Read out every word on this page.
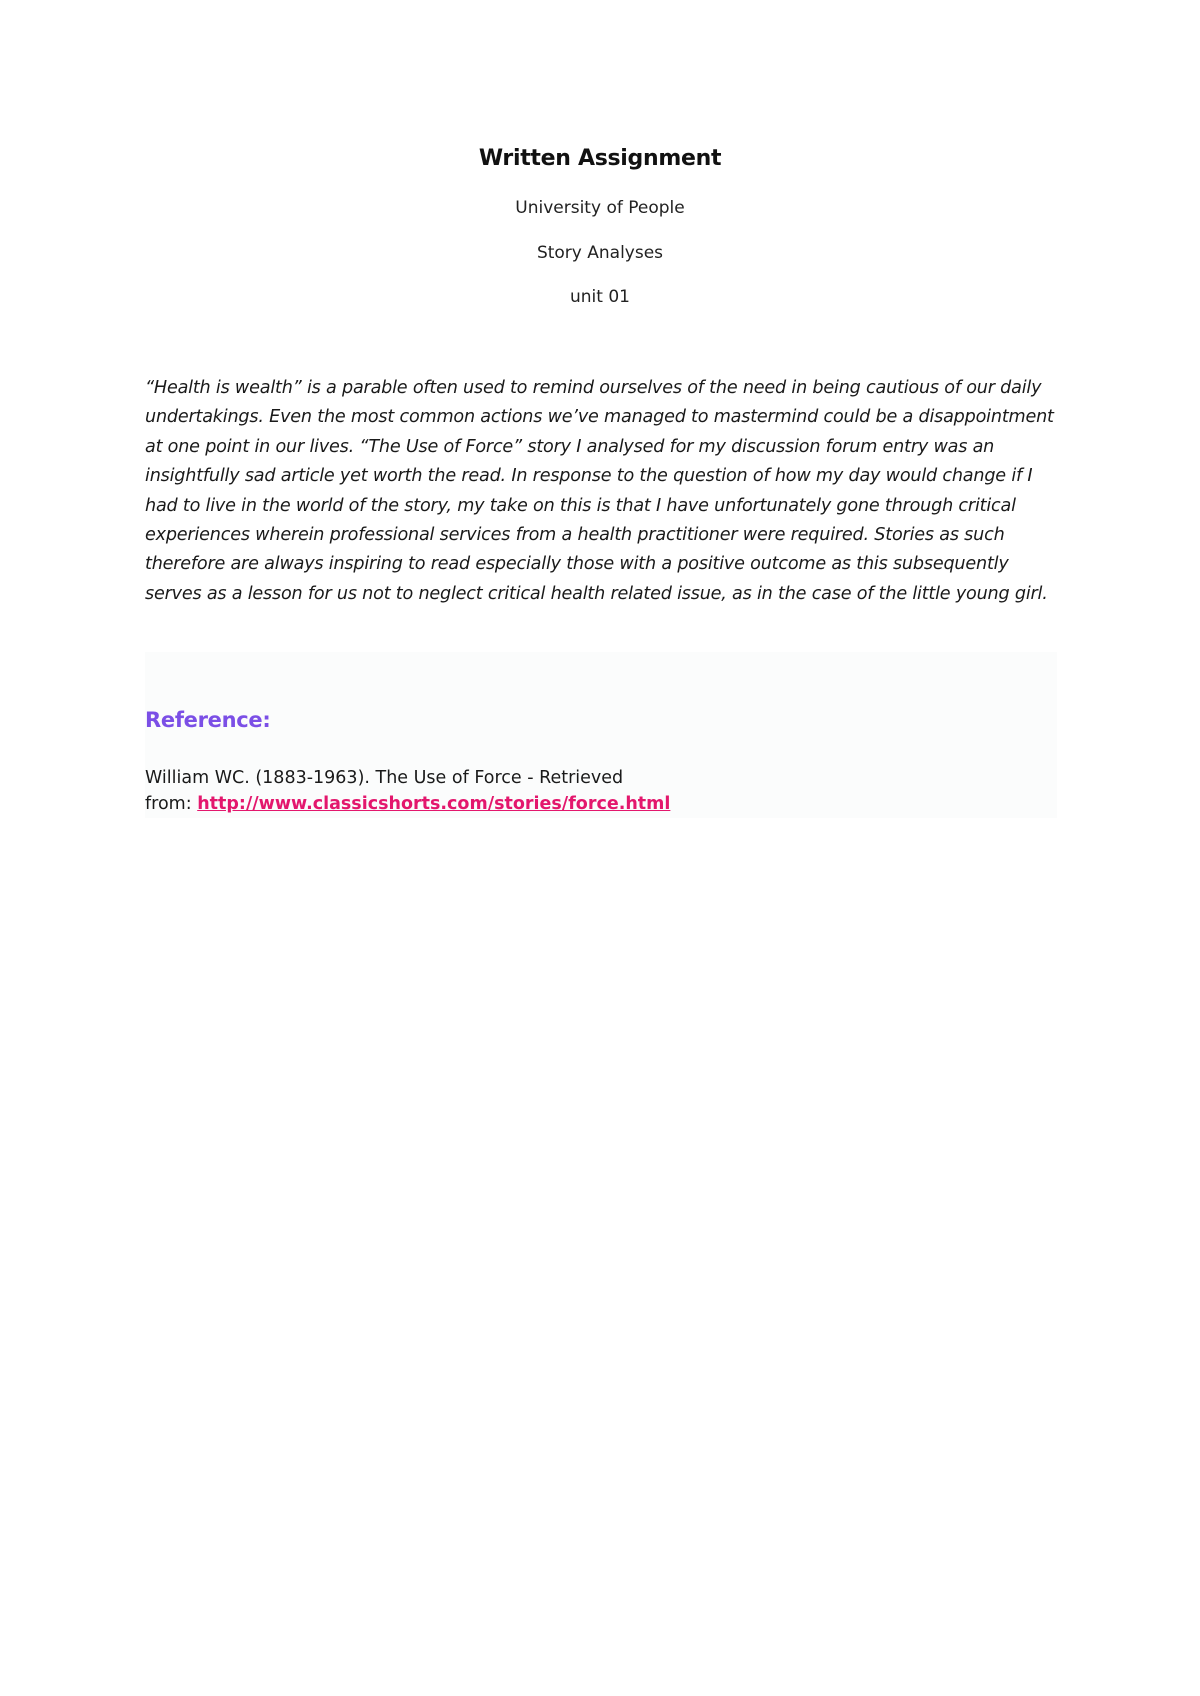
Written Assignment
University of People
Story Analyses
unit 01

“Health is wealth” is a parable often used to remind ourselves of the need in being cautious of our daily undertakings. Even the most common actions we’ve managed to mastermind could be a disappointment at one point in our lives. “The Use of Force” story I analysed for my discussion forum entry was an insightfully sad article yet worth the read. In response to the question of how my day would change if I had to live in the world of the story, my take on this is that I have unfortunately gone through critical experiences wherein professional services from a health practitioner were required. Stories as such therefore are always inspiring to read especially those with a positive outcome as this subsequently serves as a lesson for us not to neglect critical health related issue, as in the case of the little young girl.

Reference:
William WC. (1883-1963). The Use of Force - Retrieved
from: http://www.classicshorts.com/stories/force.html
